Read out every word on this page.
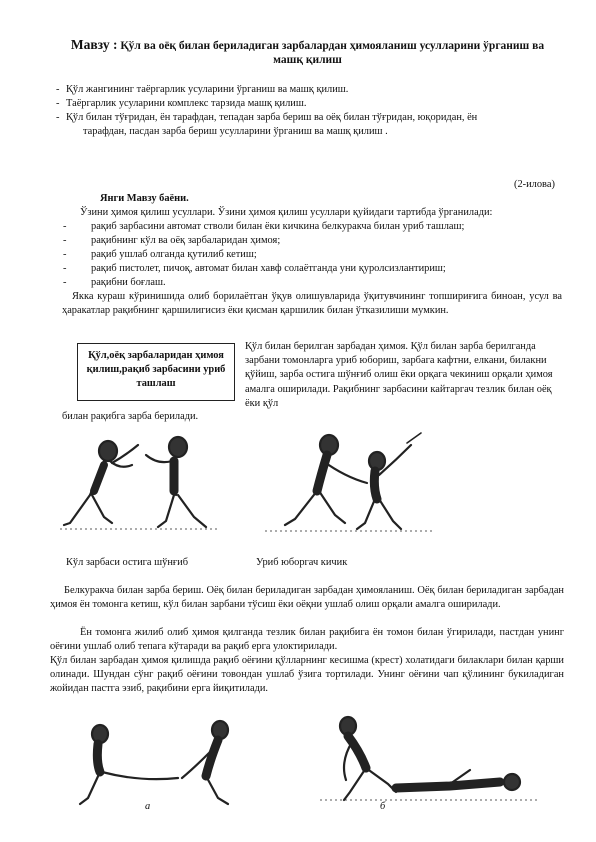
Мавзу : Қўл ва оёқ билан бериладиган зарбалардан ҳимояланиш усулларини ўрганиш ва машқ қилиш
- Қўл жангининг таёргарлик усуларини ўрганиш ва машқ қилиш.
- Таёргарлик усуларини комплекс тарзида машқ қилиш.
- Қўл билан тўғридан, ён тарафдан, тепадан зарба бериш ва оёқ билан тўғридан, юқоридан, ён
тарафдан, пасдан зарба бериш усулларини ўрганиш ва машқ қилиш .
(2-илова)
Янги Мавзу баёни.
Ўзини ҳимоя қилиш усуллари. Ўзини ҳимоя қилиш усуллари қуйидаги тартибда ўрганилади:
- рақиб зарбасини автомат стволи билан ёки кичкина белкуракча билан уриб ташлаш;
- рақибнинг кўл ва оёқ зарбаларидан ҳимоя;
- рақиб ушлаб олганда қутилиб кетиш;
- рақиб пистолет, пичоқ, автомат билан хавф солаётганда уни қуролсизлантириш;
- рақибни боғлаш.
Якка кураш кўринишида олиб борилаётган ўқув олишувларида ўқитувчининг топшириғига биноан, усул ва ҳаракатлар рақибнинг қаршилигисиз ёки қисман қаршилик билан ўтказилиши мумкин.
Қўл,оёқ зарбаларидан ҳимоя қилиш,рақиб зарбасини уриб ташлаш
Қўл билан берилган зарбадан ҳимоя. Қўл билан зарба берилганда зарбани томонларга уриб юбориш, зарбага кафтни, елкани, билакни қўйиш, зарба остига шўнғиб олиш ёки орқага чекиниш орқали ҳимоя амалга оширилади. Рақибнинг зарбасини кайтаргач тезлик билан оёқ ёки қўл
билан рақибга зарба берилади.
Кўл зарбаси остига шўнғиб	Уриб юборгач кичик
Белкуракча билан зарба бериш. Оёқ билан бериладиган зарбадан ҳимояланиш. Оёқ билан бериладиган зарбадан ҳимоя ён томонга кетиш, кўл билан зарбани тўсиш ёки оёқни ушлаб олиш орқали амалга оширилади.
Ён томонга жилиб олиб ҳимоя қилганда тезлик билан рақибига ён томон билан ўгирилади, пастдан унинг оёғини ушлаб олиб тепага кўтаради ва рақиб ерга улоктирилади.
Қўл билан зарбадан ҳимоя қилишда рақиб оёғини қўлларнинг кесишма (крест) холатидаги билаклари билан қарши олинади. Шундан сўнг рақиб оёғини товондан ушлаб ўзига тортилади. Унинг оёғини чап қўлининг букиладиган жойидан пастга эзиб, рақибини ерга йиқитилади.
а	б
